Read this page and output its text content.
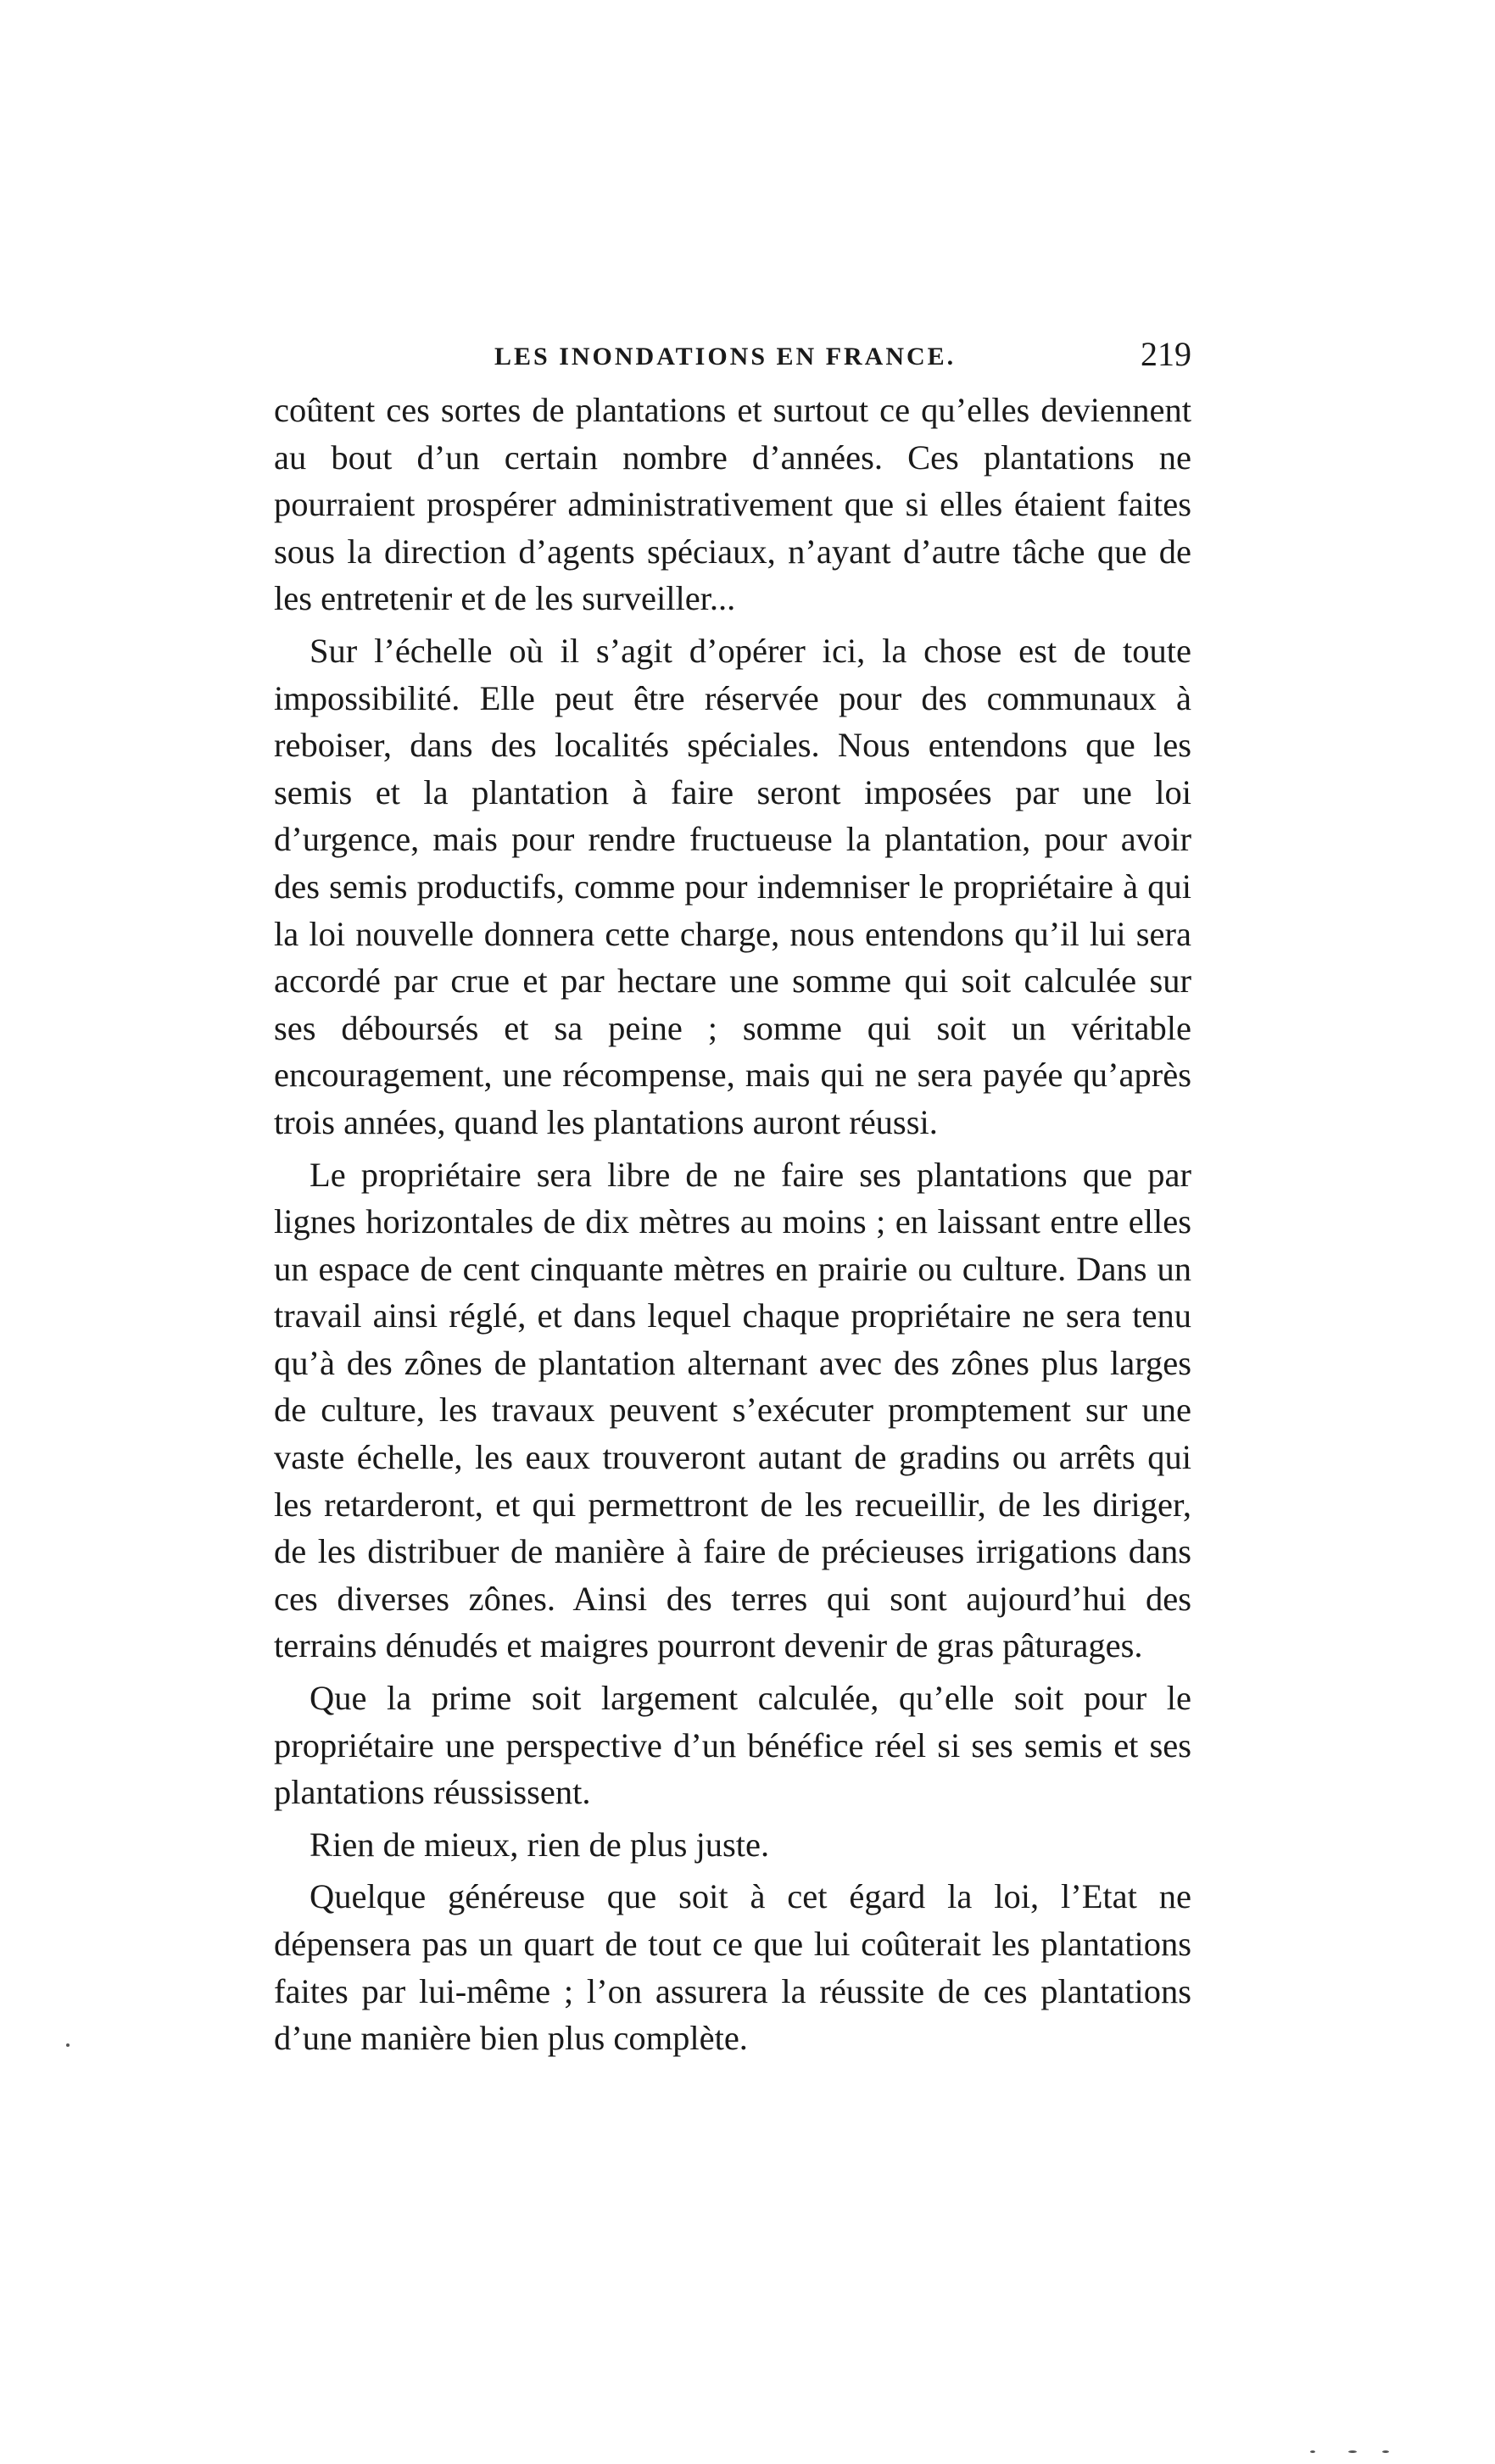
LES INONDATIONS EN FRANCE.	219

coûtent ces sortes de plantations et surtout ce qu’elles deviennent au bout d’un certain nombre d’années. Ces plantations ne pourraient prospérer administrativement que si elles étaient faites sous la direction d’agents spéciaux, n’ayant d’autre tâche que de les entretenir et de les surveiller...

Sur l’échelle où il s’agit d’opérer ici, la chose est de toute impossibilité. Elle peut être réservée pour des communaux à reboiser, dans des localités spéciales. Nous entendons que les semis et la plantation à faire seront imposées par une loi d’urgence, mais pour rendre fructueuse la plantation, pour avoir des semis productifs, comme pour indemniser le propriétaire à qui la loi nouvelle donnera cette charge, nous entendons qu’il lui sera accordé par crue et par hectare une somme qui soit calculée sur ses déboursés et sa peine ; somme qui soit un véritable encouragement, une récompense, mais qui ne sera payée qu’après trois années, quand les plantations auront réussi.

Le propriétaire sera libre de ne faire ses plantations que par lignes horizontales de dix mètres au moins ; en laissant entre elles un espace de cent cinquante mètres en prairie ou culture. Dans un travail ainsi réglé, et dans lequel chaque propriétaire ne sera tenu qu’à des zônes de plantation alternant avec des zônes plus larges de culture, les travaux peuvent s’exécuter promptement sur une vaste échelle, les eaux trouveront autant de gradins ou arrêts qui les retarderont, et qui permettront de les recueillir, de les diriger, de les distribuer de manière à faire de précieuses irrigations dans ces diverses zônes. Ainsi des terres qui sont aujourd’hui des terrains dénudés et maigres pourront devenir de gras pâturages.

Que la prime soit largement calculée, qu’elle soit pour le propriétaire une perspective d’un bénéfice réel si ses semis et ses plantations réussissent.

Rien de mieux, rien de plus juste.

Quelque généreuse que soit à cet égard la loi, l’Etat ne dépensera pas un quart de tout ce que lui coûterait les plantations faites par lui-même ; l’on assurera la réussite de ces plantations d’une manière bien plus complète.
